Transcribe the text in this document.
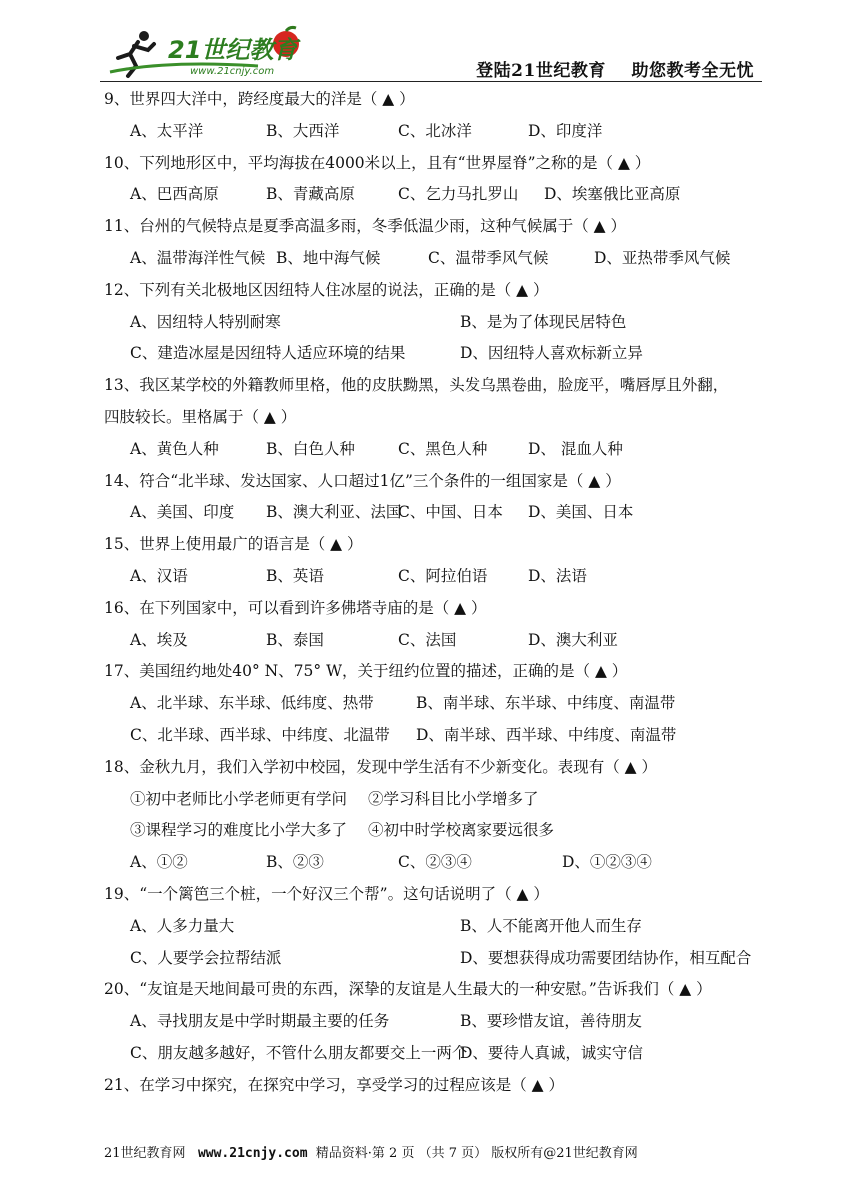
21世纪教育
www.21cnjy.com	登陆21世纪教育    助您教考全无忧
9、世界四大洋中，跨经度最大的洋是（ ▲ ）
A、太平洋	B、大西洋	C、北冰洋	D、印度洋
10、下列地形区中，平均海拔在4000米以上，且有“世界屋脊”之称的是（ ▲ ）
A、巴西高原	B、青藏高原	C、乞力马扎罗山 D、埃塞俄比亚高原
11、台州的气候特点是夏季高温多雨，冬季低温少雨，这种气候属于（ ▲ ）
A、温带海洋性气候 B、地中海气候	C、温带季风气候	D、亚热带季风气候
12、下列有关北极地区因纽特人住冰屋的说法，正确的是（ ▲ ）
A、因纽特人特别耐寒	B、是为了体现民居特色
C、建造冰屋是因纽特人适应环境的结果	D、因纽特人喜欢标新立异
13、我区某学校的外籍教师里格，他的皮肤黝黑，头发乌黑卷曲，脸庞平，嘴唇厚且外翻，
四肢较长。里格属于（ ▲ ）
A、黄色人种	B、白色人种	C、黑色人种	D、 混血人种
14、符合“北半球、发达国家、人口超过1亿”三个条件的一组国家是（ ▲ ）
A、美国、印度 B、澳大利亚、法国
C、中国、日本 D、美国、日本
15、世界上使用最广的语言是（ ▲ ）
A、汉语	B、英语	C、阿拉伯语	D、法语
16、在下列国家中，可以看到许多佛塔寺庙的是（ ▲ ）
A、埃及	B、泰国	C、法国	D、澳大利亚
17、美国纽约地处40° N、75° W，关于纽约位置的描述，正确的是（ ▲ ）
A、北半球、东半球、低纬度、热带	B、南半球、东半球、中纬度、南温带
C、北半球、西半球、中纬度、北温带 D、南半球、西半球、中纬度、南温带
18、金秋九月，我们入学初中校园，发现中学生活有不少新变化。表现有（ ▲ ）
①初中老师比小学老师更有学问 ②学习科目比小学增多了
③课程学习的难度比小学大多了 ④初中时学校离家要远很多
A、①②	B、②③	C、②③④	D、①②③④
19、“一个篱笆三个桩，一个好汉三个帮”。这句话说明了（ ▲ ）
A、人多力量大	B、人不能离开他人而生存
C、人要学会拉帮结派	D、要想获得成功需要团结协作，相互配合
20、“友谊是天地间最可贵的东西，深挚的友谊是人生最大的一种安慰。”告诉我们（ ▲ ）
A、寻找朋友是中学时期最主要的任务	B、要珍惜友谊，善待朋友
C、朋友越多越好，不管什么朋友都要交上一两个
D、要待人真诚，诚实守信
21、在学习中探究，在探究中学习，享受学习的过程应该是（ ▲ ）
21世纪教育网 www.21cnjy.com 精品资料·第 2 页 （共 7 页） 版权所有@21世纪教育网
